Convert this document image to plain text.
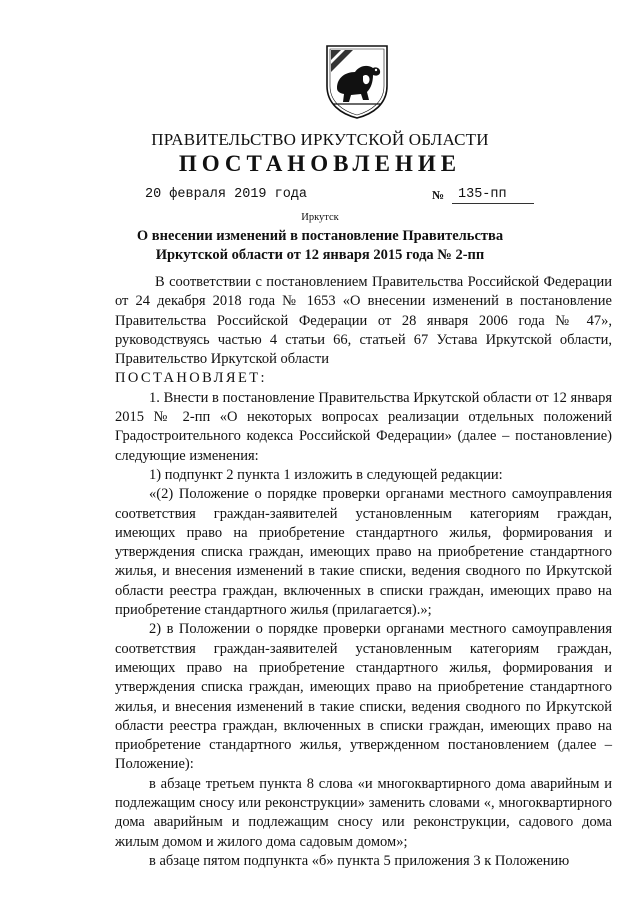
ПРАВИТЕЛЬСТВО ИРКУТСКОЙ ОБЛАСТИ
ПОСТАНОВЛЕНИЕ
20 февраля 2019 года	№ 135-пп
Иркутск
О внесении изменений в постановление Правительства Иркутской области от 12 января 2015 года № 2-пп

В соответствии с постановлением Правительства Российской Федерации от 24 декабря 2018 года № 1653 «О внесении изменений в постановление Правительства Российской Федерации от 28 января 2006 года № 47», руководствуясь частью 4 статьи 66, статьей 67 Устава Иркутской области, Правительство Иркутской области

ПОСТАНОВЛЯЕТ:

1. Внести в постановление Правительства Иркутской области от 12 января 2015 № 2-пп «О некоторых вопросах реализации отдельных положений Градостроительного кодекса Российской Федерации» (далее – постановление) следующие изменения:

1) подпункт 2 пункта 1 изложить в следующей редакции:

«(2) Положение о порядке проверки органами местного самоуправления соответствия граждан-заявителей установленным категориям граждан, имеющих право на приобретение стандартного жилья, формирования и утверждения списка граждан, имеющих право на приобретение стандартного жилья, и внесения изменений в такие списки, ведения сводного по Иркутской области реестра граждан, включенных в списки граждан, имеющих право на приобретение стандартного жилья (прилагается).»;

2) в Положении о порядке проверки органами местного самоуправления соответствия граждан-заявителей установленным категориям граждан, имеющих право на приобретение стандартного жилья, формирования и утверждения списка граждан, имеющих право на приобретение стандартного жилья, и внесения изменений в такие списки, ведения сводного по Иркутской области реестра граждан, включенных в списки граждан, имеющих право на приобретение стандартного жилья, утвержденном постановлением (далее – Положение):

в абзаце третьем пункта 8 слова «и многоквартирного дома аварийным и подлежащим сносу или реконструкции» заменить словами «, многоквартирного дома аварийным и подлежащим сносу или реконструкции, садового дома жилым домом и жилого дома садовым домом»;

в абзаце пятом подпункта «б» пункта 5 приложения 3 к Положению
